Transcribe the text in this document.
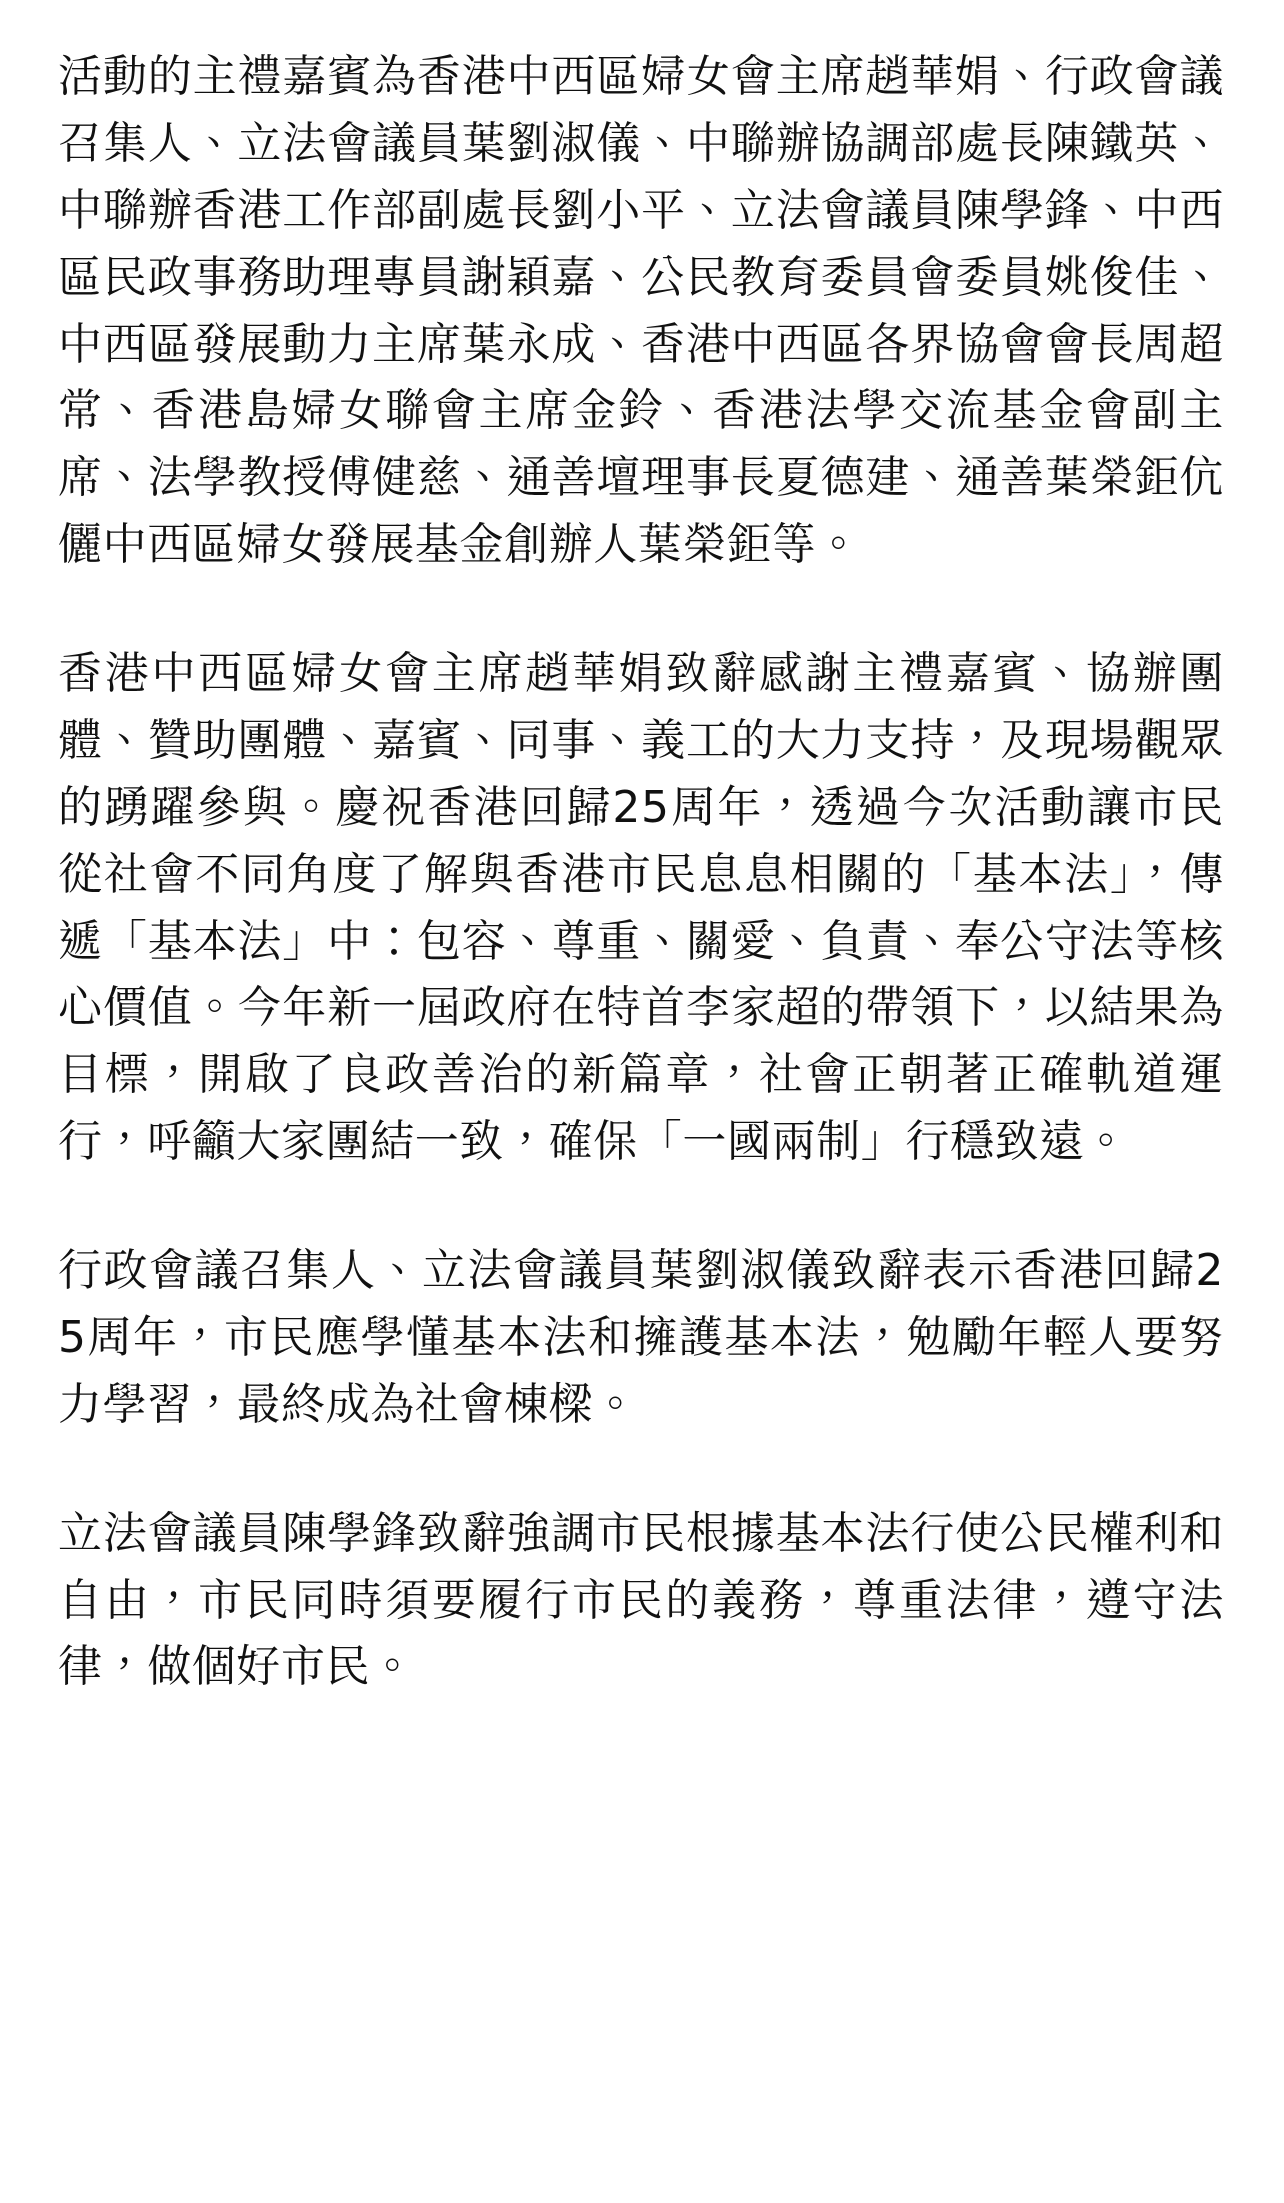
活動的主禮嘉賓為香港中西區婦女會主席趙華娟、行政會議召集人、立法會議員葉劉淑儀、中聯辦協調部處長陳鐵英、中聯辦香港工作部副處長劉小平、立法會議員陳學鋒、中西區民政事務助理專員謝穎嘉、公民教育委員會委員姚俊佳、中西區發展動力主席葉永成、香港中西區各界協會會長周超常、香港島婦女聯會主席金鈴、香港法學交流基金會副主席、法學教授傅健慈、通善壇理事長夏德建、通善葉榮鉅伉儷中西區婦女發展基金創辦人葉榮鉅等。

香港中西區婦女會主席趙華娟致辭感謝主禮嘉賓、協辦團體、贊助團體、嘉賓、同事、義工的大力支持，及現場觀眾的踴躍參與。慶祝香港回歸25周年，透過今次活動讓市民從社會不同角度了解與香港市民息息相關的「基本法」，傳遞「基本法」中：包容、尊重、關愛、負責、奉公守法等核心價值。今年新一屆政府在特首李家超的帶領下，以結果為目標，開啟了良政善治的新篇章，社會正朝著正確軌道運行，呼籲大家團結一致，確保「一國兩制」行穩致遠。

行政會議召集人、立法會議員葉劉淑儀致辭表示香港回歸25周年，市民應學懂基本法和擁護基本法，勉勵年輕人要努力學習，最終成為社會棟樑。

立法會議員陳學鋒致辭強調市民根據基本法行使公民權利和自由，市民同時須要履行市民的義務，尊重法律，遵守法律，做個好市民。
